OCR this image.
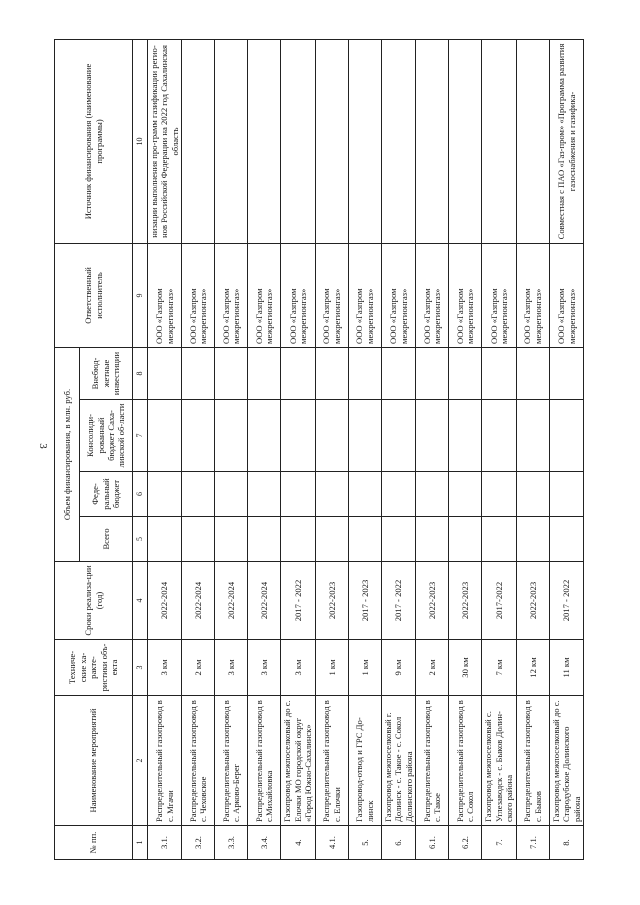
3
№ пп.	Наименование мероприятий	Техниче-ские ха-ракте-ристики объ-екта	Сроки реализа-ции (год)	Объем финансирования, в млн. руб.				Ответственный исполнитель	Источник финансирования (наименование программы)
				Всего	Феде-ральный бюджет	Консолиди-рованный бюджет Саха-линской об-ласти	Внебюд-жетные инвестиции		
1	2	3	4	5	6	7	8	9	10
3.1.	Распределительный газопровод в с. Мгачи	3 км	2022-2024					ООО «Газпром межрегионгаз»	низации выполнения про-грамм газификации регио-нов Российской Федерации на 2022 год Сахалинская область
3.2.	Распределительный газопровод в с. Чеховское	2 км	2022-2024					ООО «Газпром межрегионгаз»	
3.3.	Распределительный газопровод в с. Арково-Берег	3 км	2022-2024					ООО «Газпром межрегионгаз»	
3.4.	Распределительный газопровод в с.Михайловка	3 км	2022-2024					ООО «Газпром межрегионгаз»	
4.	Газопровод межпоселковый до с. Елочки МО городской округ «Город Южно-Сахалинск»	3 км	2017 - 2022					ООО «Газпром межрегионгаз»	
4.1.	Распределительный газопровод в с. Елочки	1 км	2022-2023					ООО «Газпром межрегионгаз»	
5.	Газопровод-отвод и ГРС До-линск	1 км	2017 - 2023					ООО «Газпром межрегионгаз»	
6.	Газопровод межпоселковый г. Долинск - с. Такое - с. Сокол Долинского района	9 км	2017 - 2022					ООО «Газпром межрегионгаз»	
6.1.	Распределительный газопровод в с. Такое	2 км	2022-2023					ООО «Газпром межрегионгаз»	
6.2.	Распределительный газопровод в с. Сокол	30 км	2022-2023					ООО «Газпром межрегионгаз»	
7.	Газопровод межпоселковый с. Углезаводск - с. Быков Долин-ского района	7 км	2017-2022					ООО «Газпром межрегионгаз»	
7.1.	Распределительный газопровод в с. Быков	12 км	2022-2023					ООО «Газпром межрегионгаз»	
8.	Газопровод межпоселковый до с. Стародубское Долинского района	11 км	2017 - 2022					ООО «Газпром межрегионгаз»	Совместная с ПАО «Газ-пром» «Программа развития газоснабжения и газифика-
